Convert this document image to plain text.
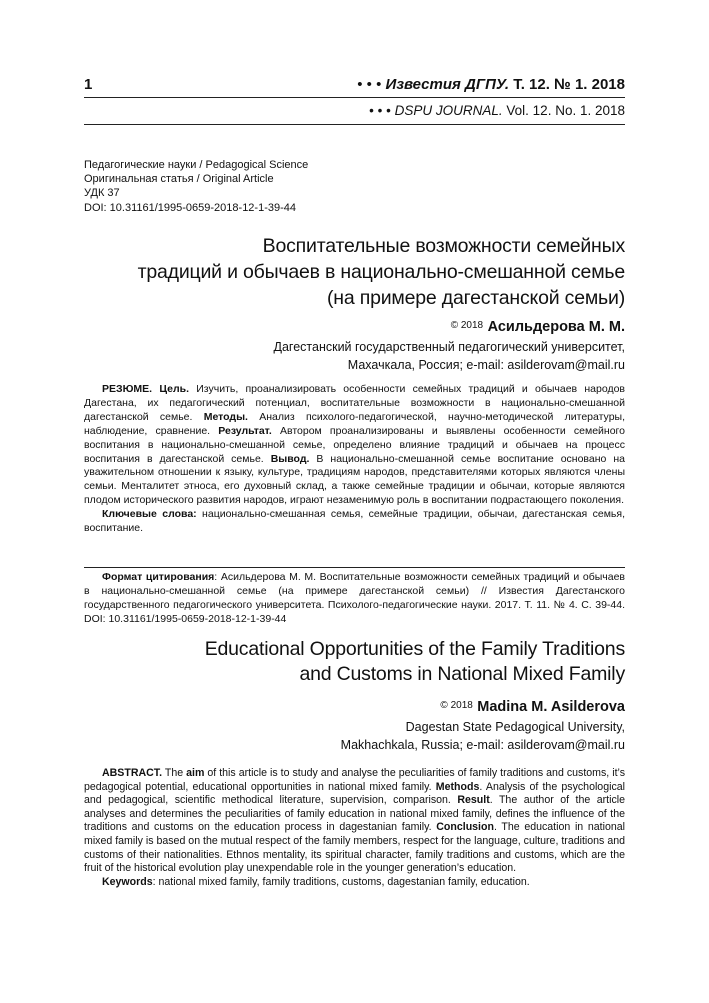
1	• • • Известия ДГПУ. Т. 12. № 1. 2018
• • • DSPU JOURNAL. Vol. 12. No. 1. 2018
Педагогические науки / Pedagogical Science
Оригинальная статья / Original Article
УДК 37
DOI: 10.31161/1995-0659-2018-12-1-39-44
Воспитательные возможности семейных
традиций и обычаев в национально-смешанной семье
(на примере дагестанской семьи)
© 2018 Асильдерова М. М.
Дагестанский государственный педагогический университет,
Махачкала, Россия; e-mail: asilderovam@mail.ru

РЕЗЮМЕ. Цель. Изучить, проанализировать особенности семейных традиций и обычаев народов Дагестана, их педагогический потенциал, воспитательные возможности в национально-смешанной дагестанской семье. Методы. Анализ психолого-педагогической, научно-методической литературы, наблюдение, сравнение. Результат. Автором проанализированы и выявлены особенности семейного воспитания в национально-смешанной семье, определено влияние традиций и обычаев на процесс воспитания в дагестанской семье. Вывод. В национально-смешанной семье воспитание основано на уважительном отношении к языку, культуре, традициям народов, представителями которых являются члены семьи. Менталитет этноса, его духовный склад, а также семейные традиции и обычаи, которые являются плодом исторического развития народов, играют незаменимую роль в воспитании подрастающего поколения.

Ключевые слова: национально-смешанная семья, семейные традиции, обычаи, дагестанская семья, воспитание.

Формат цитирования: Асильдерова М. М. Воспитательные возможности семейных традиций и обычаев в национально-смешанной семье (на примере дагестанской семьи) // Известия Дагестанского государственного педагогического университета. Психолого-педагогические науки. 2017. Т. 11. № 4. С. 39-44. DOI: 10.31161/1995-0659-2018-12-1-39-44

Educational Opportunities of the Family Traditions
and Customs in National Mixed Family
© 2018 Madina M. Asilderova
Dagestan State Pedagogical University,
Makhachkala, Russia; e-mail: asilderovam@mail.ru

ABSTRACT. The aim of this article is to study and analyse the peculiarities of family traditions and customs, it’s pedagogical potential, educational opportunities in national mixed family. Methods. Analysis of the psychological and pedagogical, scientific methodical literature, supervision, comparison. Result. The author of the article analyses and determines the peculiarities of family education in national mixed family, defines the influence of the traditions and customs on the education process in dagestanian family. Conclusion. The education in national mixed family is based on the mutual respect of the family members, respect for the language, culture, traditions and customs of their nationalities. Ethnos mentality, its spiritual character, family traditions and customs, which are the fruit of the historical evolution play unexpendable role in the younger generation’s education.

Keywords: national mixed family, family traditions, customs, dagestanian family, education.
